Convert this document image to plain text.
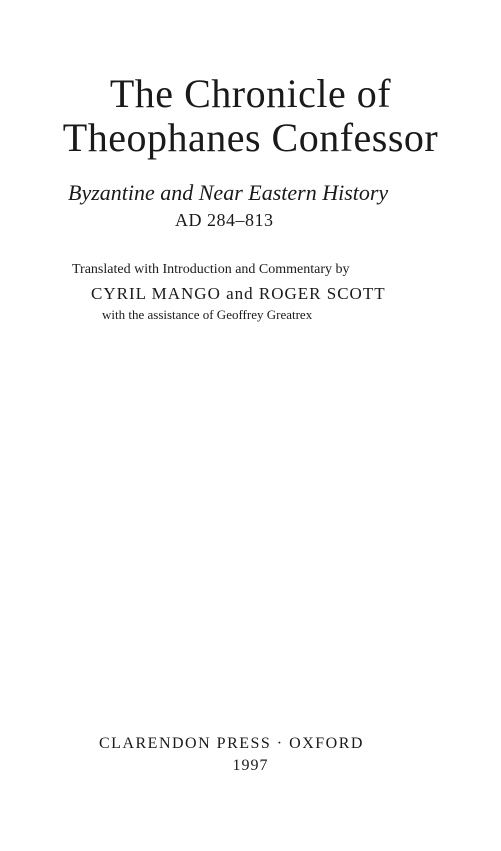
The Chronicle of
Theophanes Confessor
Byzantine and Near Eastern History
AD 284–813
Translated with Introduction and Commentary by
CYRIL MANGO and ROGER SCOTT
with the assistance of Geoffrey Greatrex
CLARENDON PRESS · OXFORD
1997
